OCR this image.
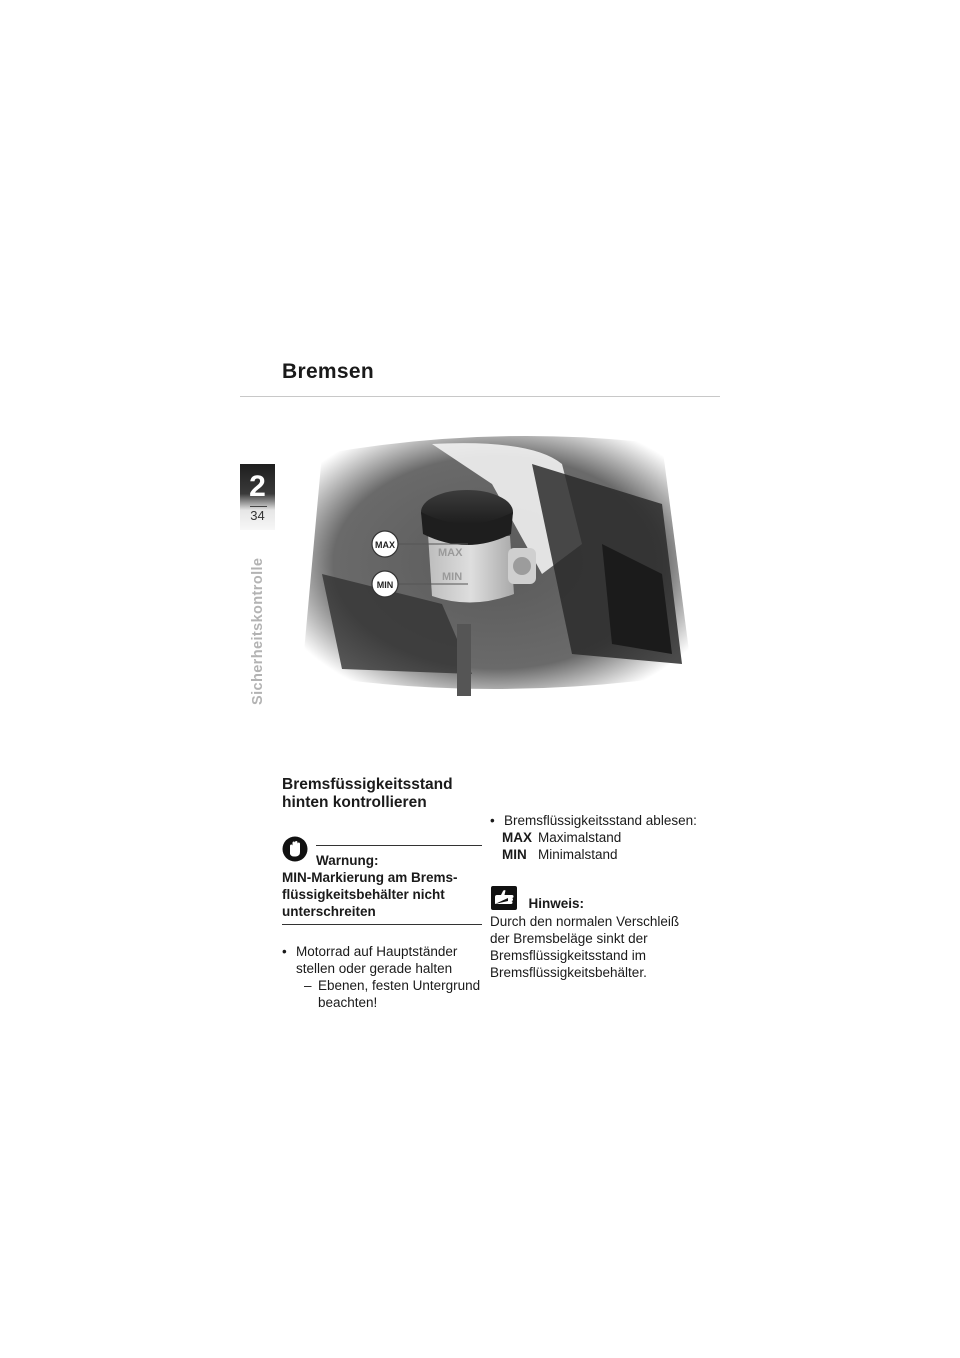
Bremsen
2
34
Sicherheitskontrolle
MAX
MIN
MAX
MIN
Bremsfüssigkeitsstand hinten kontrollieren

Warnung:

MIN-Markierung am Brems-flüssigkeitsbehälter nicht unterschreiten

• Motorrad auf Hauptständer stellen oder gerade halten

– Ebenen, festen Untergrund beachten!

• Bremsflüssigkeitsstand ablesen:

MAX Maximalstand
MIN Minimalstand
Hinweis:

Durch den normalen Verschleiß der Bremsbeläge sinkt der Bremsflüssigkeitsstand im Bremsflüssigkeitsbehälter.
